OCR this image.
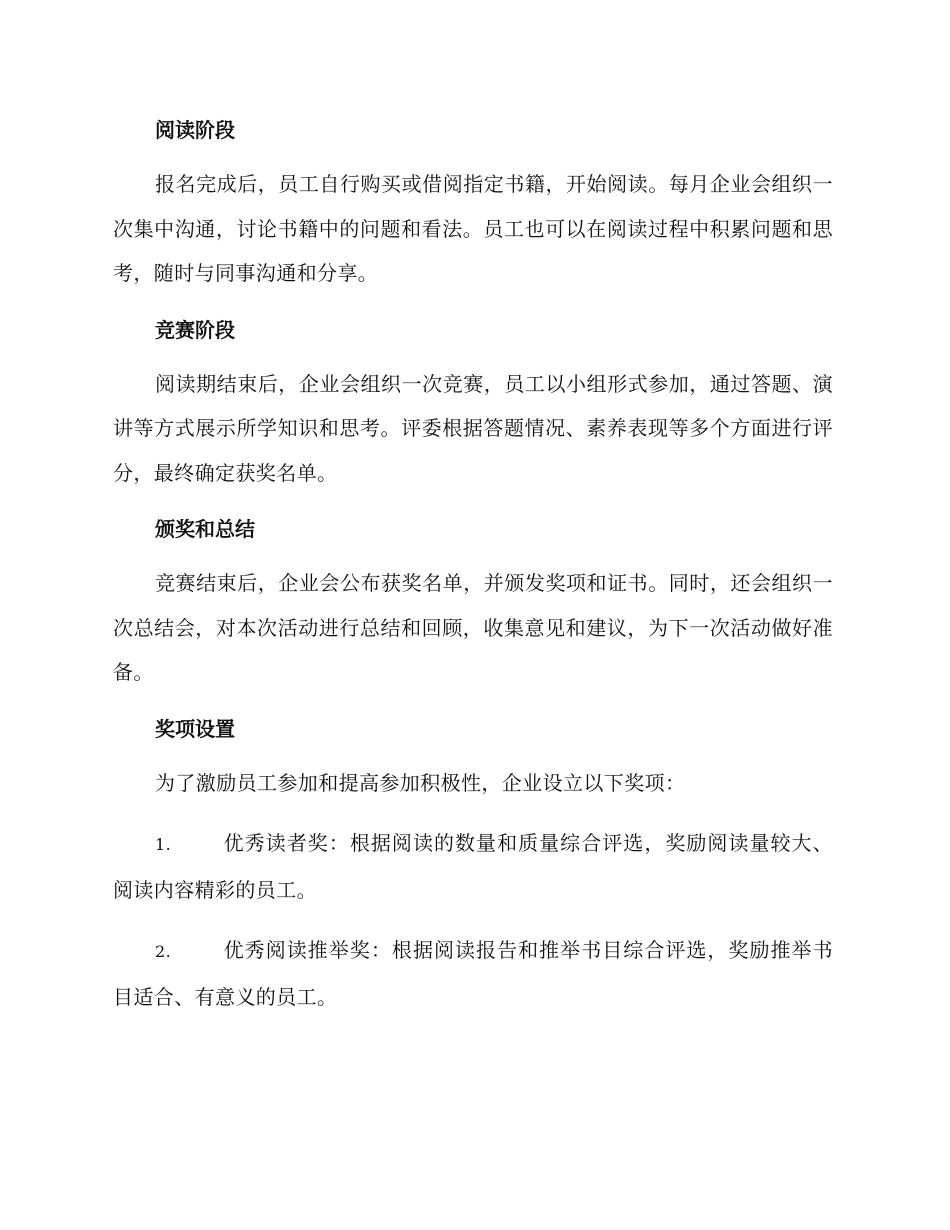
阅读阶段

报名完成后，员工自行购买或借阅指定书籍，开始阅读。每月企业会组织一次集中沟通，讨论书籍中的问题和看法。员工也可以在阅读过程中积累问题和思考，随时与同事沟通和分享。

竞赛阶段

阅读期结束后，企业会组织一次竞赛，员工以小组形式参加，通过答题、演讲等方式展示所学知识和思考。评委根据答题情况、素养表现等多个方面进行评分，最终确定获奖名单。

颁奖和总结

竞赛结束后，企业会公布获奖名单，并颁发奖项和证书。同时，还会组织一次总结会，对本次活动进行总结和回顾，收集意见和建议，为下一次活动做好准备。

奖项设置

为了激励员工参加和提高参加积极性，企业设立以下奖项：

1.	优秀读者奖：根据阅读的数量和质量综合评选，奖励阅读量较大、阅读内容精彩的员工。

2.	优秀阅读推举奖：根据阅读报告和推举书目综合评选，奖励推举书目适合、有意义的员工。
